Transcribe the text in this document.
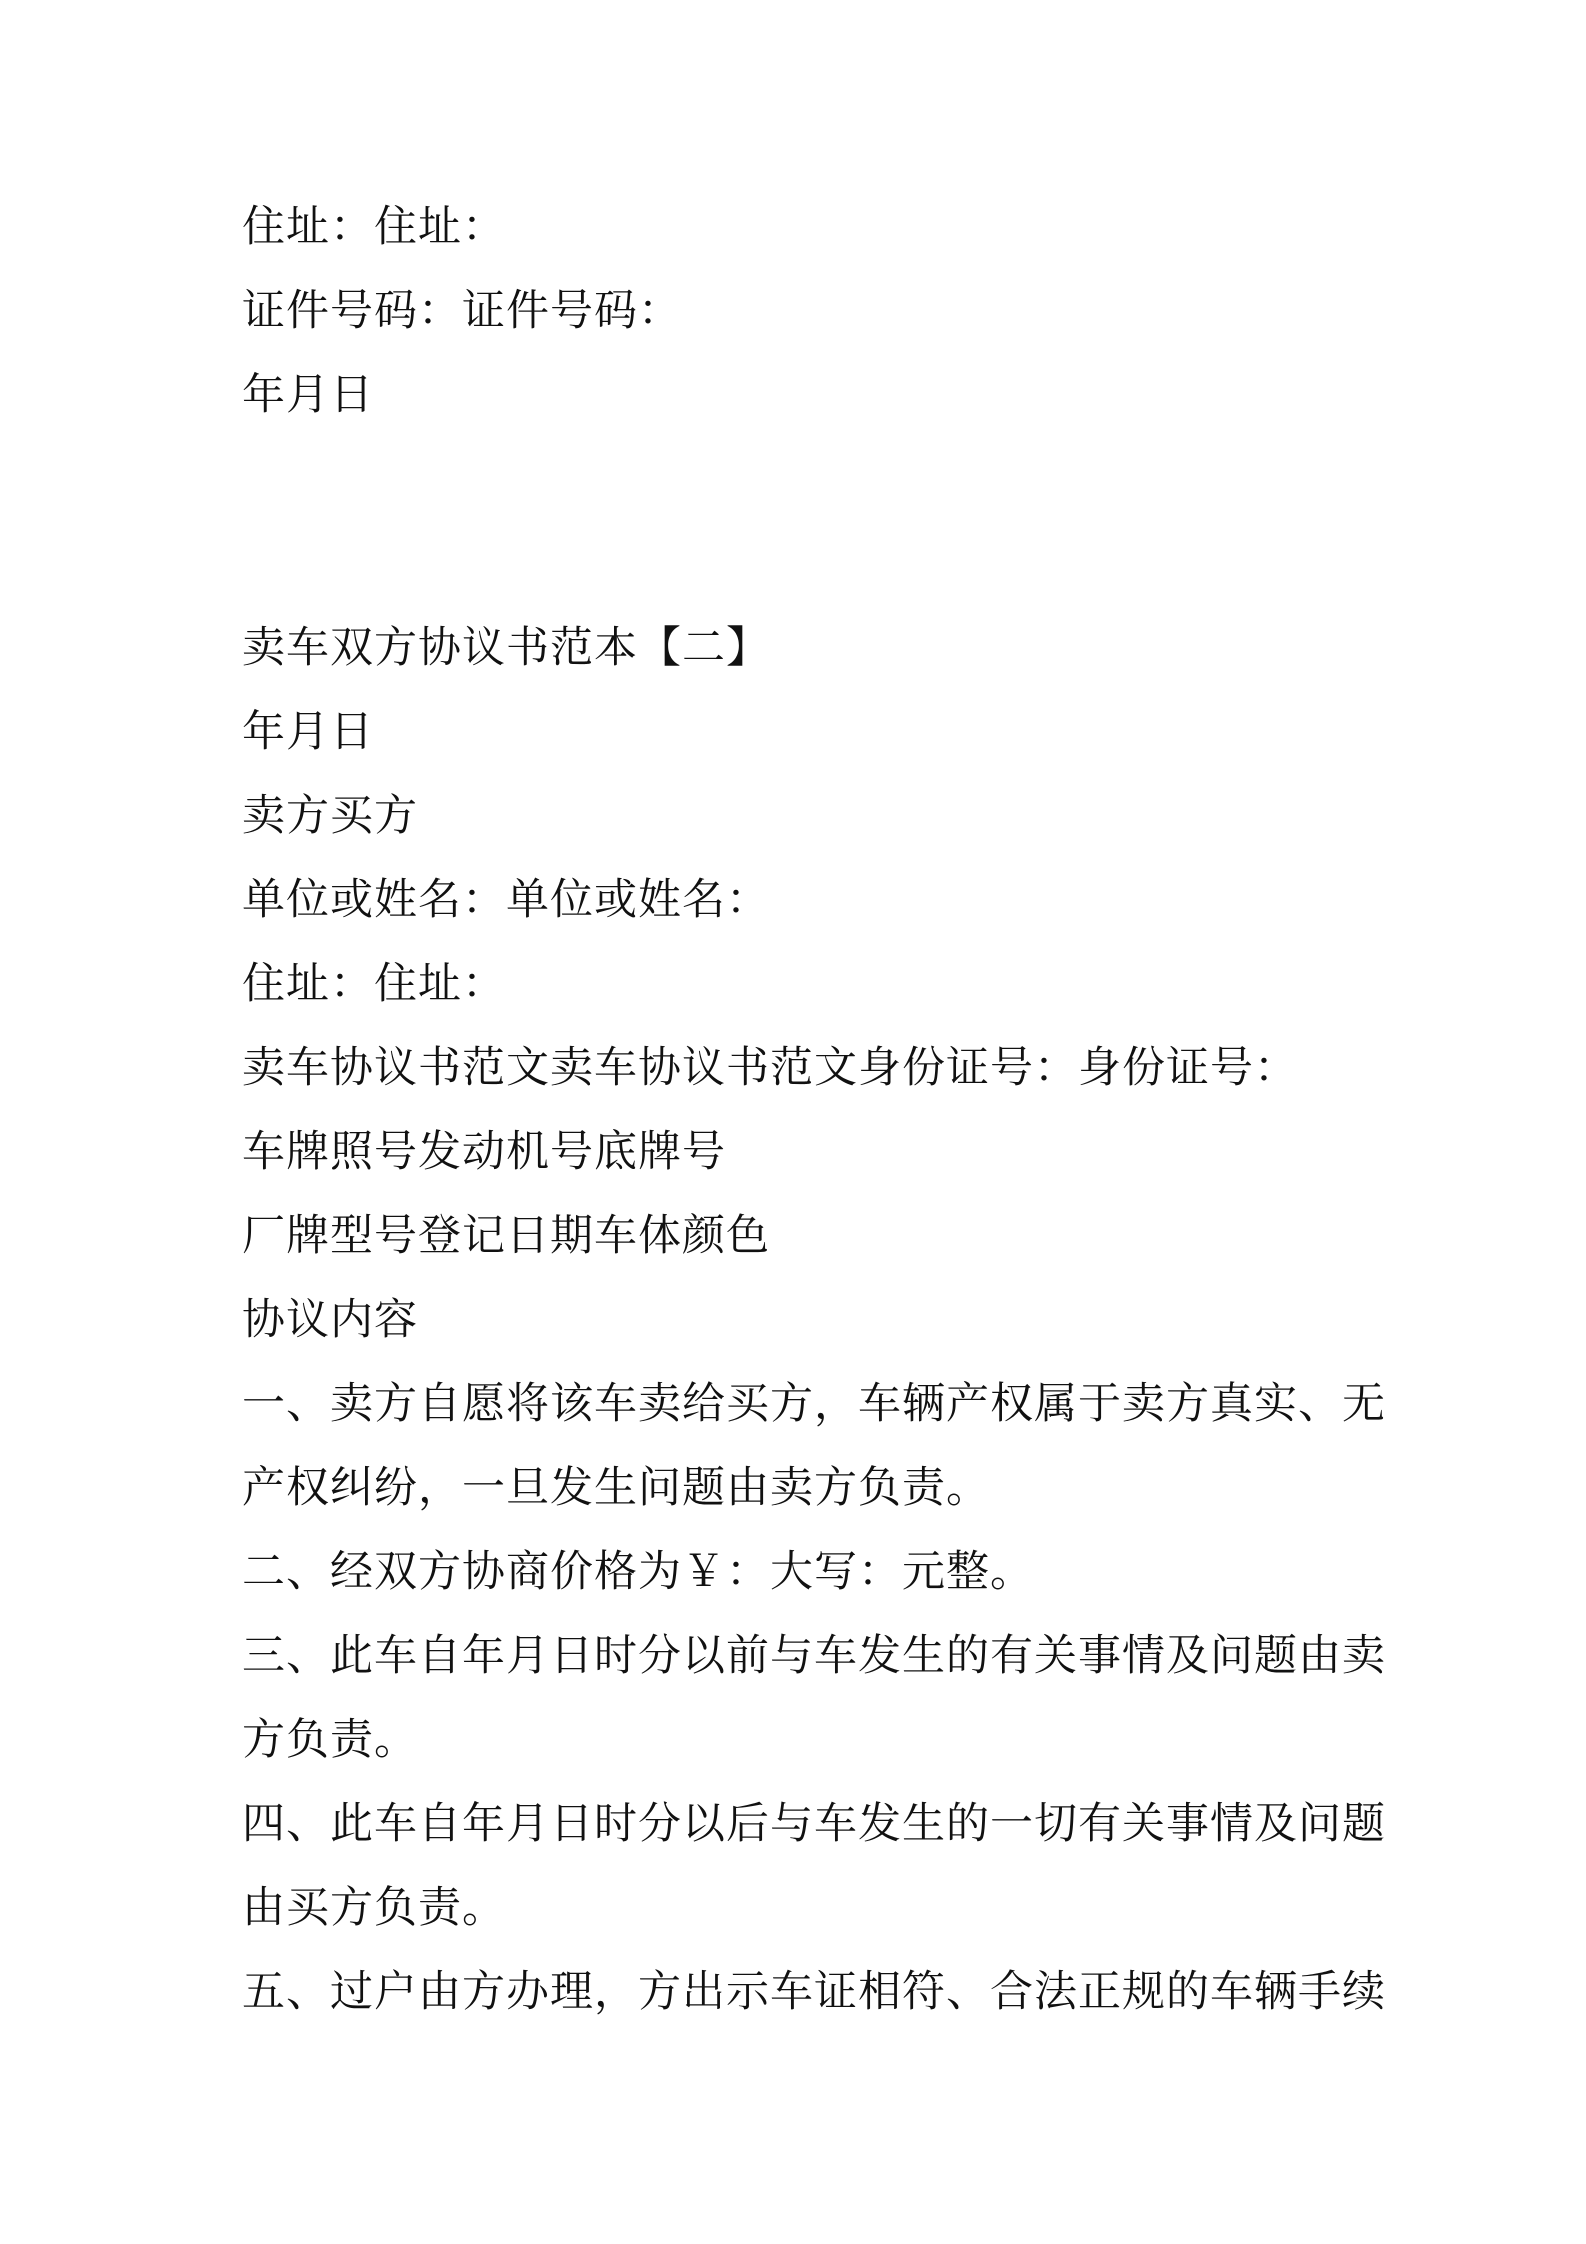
住址：住址：
证件号码：证件号码：
年月日
卖车双方协议书范本【二】
年月日
卖方买方
单位或姓名：单位或姓名：
住址：住址：
卖车协议书范文卖车协议书范文身份证号：身份证号：
车牌照号发动机号底牌号
厂牌型号登记日期车体颜色
协议内容
一、卖方自愿将该车卖给买方，车辆产权属于卖方真实、无
产权纠纷，一旦发生问题由卖方负责。
二、经双方协商价格为￥：大写：元整。
三、此车自年月日时分以前与车发生的有关事情及问题由卖
方负责。
四、此车自年月日时分以后与车发生的一切有关事情及问题
由买方负责。
五、过户由方办理，方出示车证相符、合法正规的车辆手续
